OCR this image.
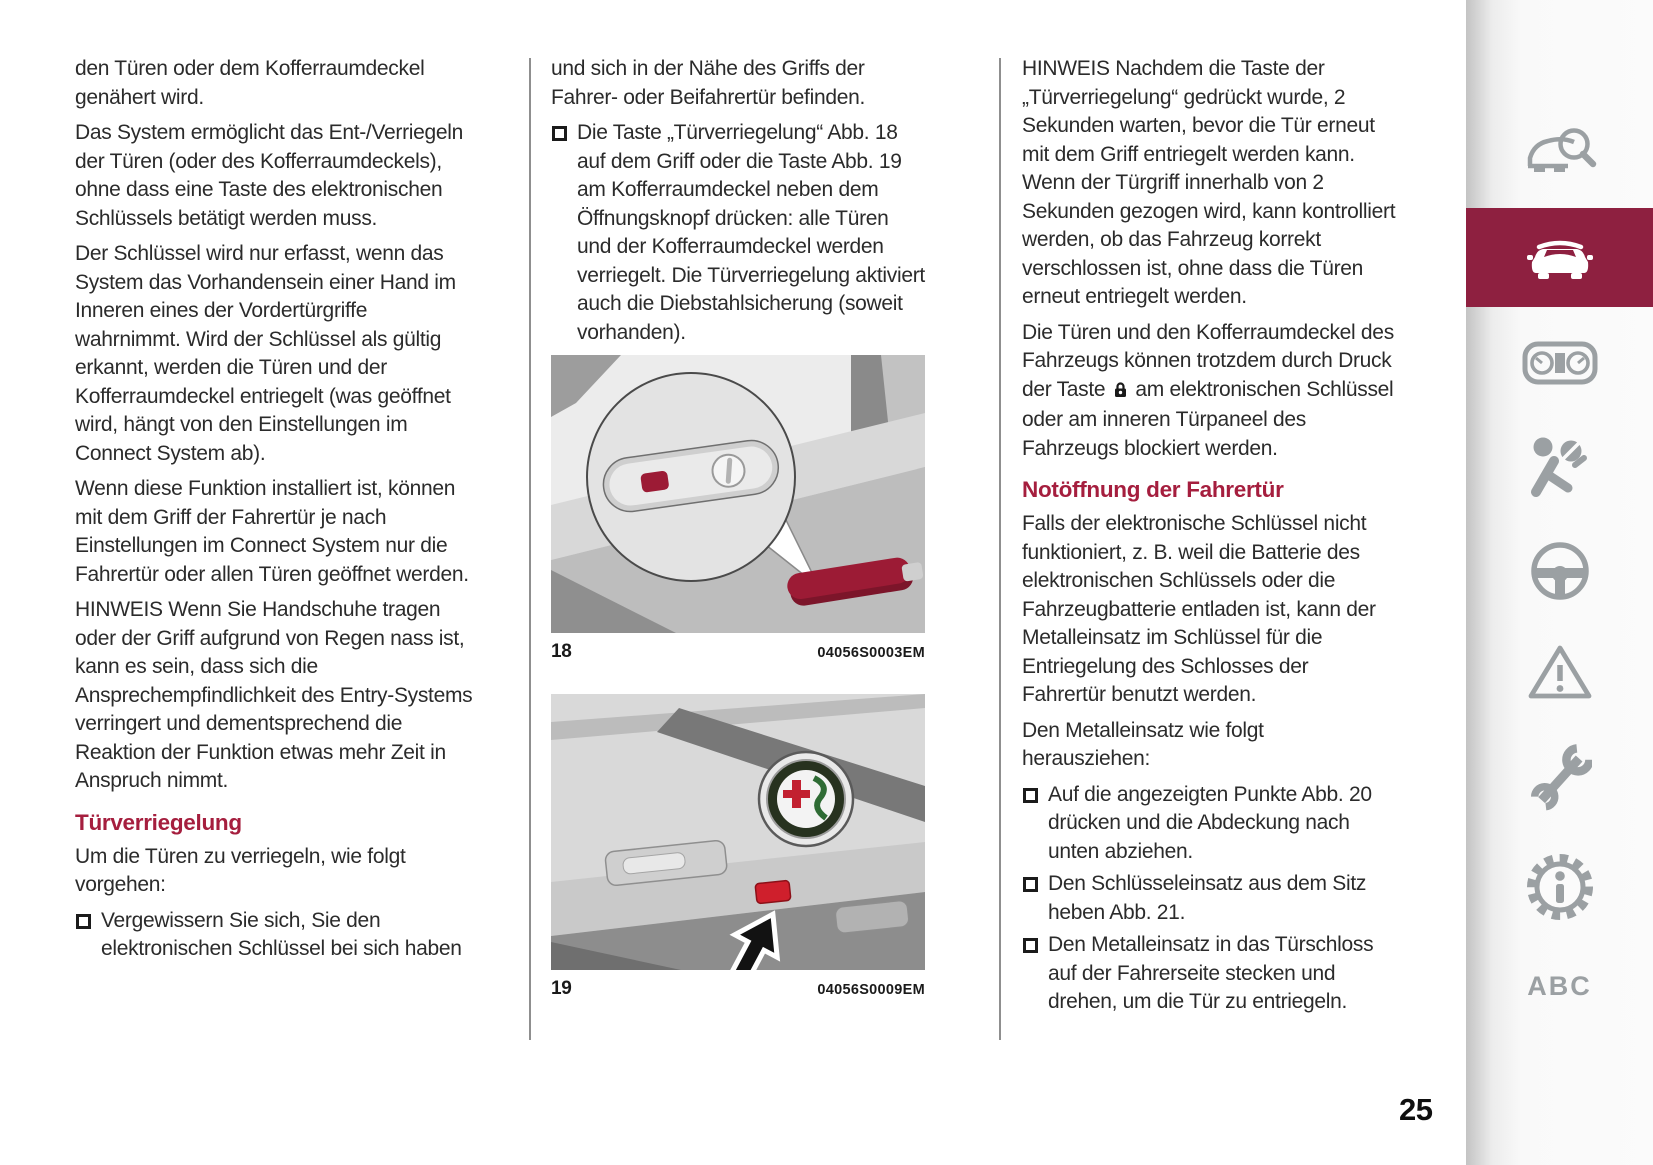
den Türen oder dem Kofferraumdeckel genähert wird.

Das System ermöglicht das Ent-/Verriegeln der Türen (oder des Kofferraumdeckels), ohne dass eine Taste des elektronischen Schlüssels betätigt werden muss.

Der Schlüssel wird nur erfasst, wenn das System das Vorhandensein einer Hand im Inneren eines der Vordertürgriffe wahrnimmt. Wird der Schlüssel als gültig erkannt, werden die Türen und der Kofferraumdeckel entriegelt (was geöffnet wird, hängt von den Einstellungen im Connect System ab).

Wenn diese Funktion installiert ist, können mit dem Griff der Fahrertür je nach Einstellungen im Connect System nur die Fahrertür oder allen Türen geöffnet werden.

HINWEIS Wenn Sie Handschuhe tragen oder der Griff aufgrund von Regen nass ist, kann es sein, dass sich die Ansprechempfindlichkeit des Entry-Systems verringert und dementsprechend die Reaktion der Funktion etwas mehr Zeit in Anspruch nimmt.

Türverriegelung

Um die Türen zu verriegeln, wie folgt vorgehen:

Vergewissern Sie sich, Sie den elektronischen Schlüssel bei sich haben

und sich in der Nähe des Griffs der Fahrer- oder Beifahrertür befinden.

Die Taste „Türverriegelung“ Abb. 18 auf dem Griff oder die Taste Abb. 19 am Kofferraumdeckel neben dem Öffnungsknopf drücken: alle Türen und der Kofferraumdeckel werden verriegelt. Die Türverriegelung aktiviert auch die Diebstahlsicherung (soweit vorhanden).
18	04056S0003EM
19	04056S0009EM

HINWEIS Nachdem die Taste der „Türverriegelung“ gedrückt wurde, 2 Sekunden warten, bevor die Tür erneut mit dem Griff entriegelt werden kann. Wenn der Türgriff innerhalb von 2 Sekunden gezogen wird, kann kontrolliert werden, ob das Fahrzeug korrekt verschlossen ist, ohne dass die Türen erneut entriegelt werden.

Die Türen und den Kofferraumdeckel des Fahrzeugs können trotzdem durch Druck der Taste  am elektronischen Schlüssel oder am inneren Türpaneel des Fahrzeugs blockiert werden.

Notöffnung der Fahrertür

Falls der elektronische Schlüssel nicht funktioniert, z. B. weil die Batterie des elektronischen Schlüssels oder die Fahrzeugbatterie entladen ist, kann der Metalleinsatz im Schlüssel für die Entriegelung des Schlosses der Fahrertür benutzt werden.

Den Metalleinsatz wie folgt herausziehen:

Auf die angezeigten Punkte Abb. 20 drücken und die Abdeckung nach unten abziehen.
Den Schlüsseleinsatz aus dem Sitz heben Abb. 21.
Den Metalleinsatz in das Türschloss auf der Fahrerseite stecken und drehen, um die Tür zu entriegeln.
ABC
25
